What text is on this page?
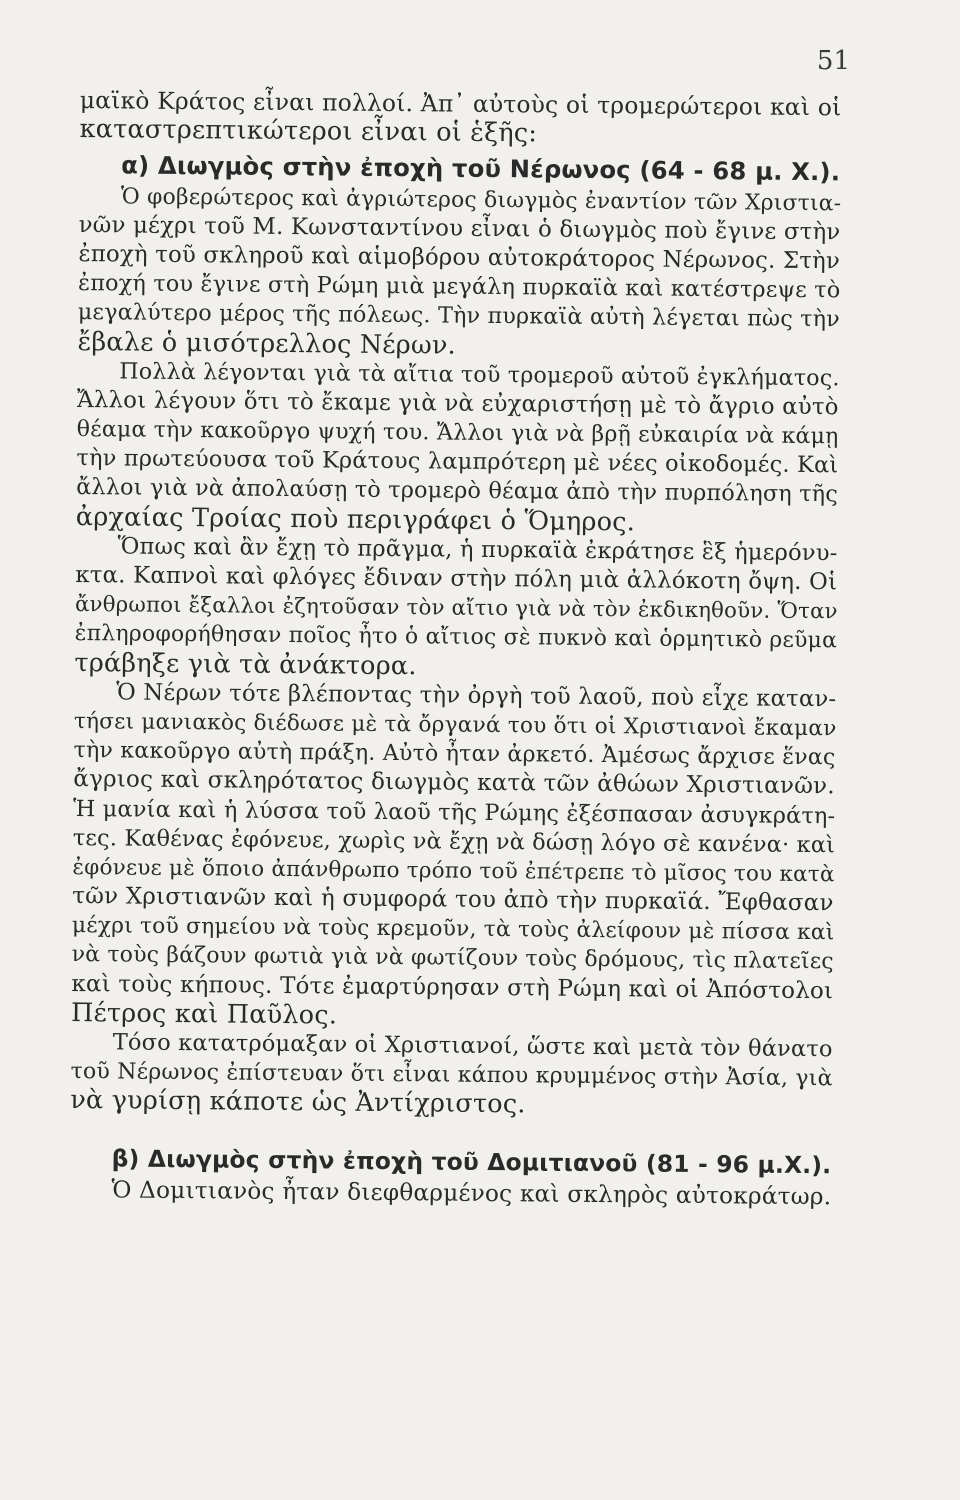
51
μαϊκὸ Κράτος εἶναι πολλοί. Ἀπ᾽ αὐτοὺς οἱ τρομερώτεροι καὶ οἱ
καταστρεπτικώτεροι εἶναι οἱ ἑξῆς:
α) Διωγμὸς στὴν ἐποχὴ τοῦ Νέρωνος (64 - 68 μ. Χ.).
Ὁ φοβερώτερος καὶ ἀγριώτερος διωγμὸς ἐναντίον τῶν Χριστια-
νῶν μέχρι τοῦ Μ. Κωνσταντίνου εἶναι ὁ διωγμὸς ποὺ ἔγινε στὴν
ἐποχὴ τοῦ σκληροῦ καὶ αἱμοβόρου αὐτοκράτορος Νέρωνος. Στὴν
ἐποχή του ἔγινε στὴ Ρώμη μιὰ μεγάλη πυρκαϊὰ καὶ κατέστρεψε τὸ
μεγαλύτερο μέρος τῆς πόλεως. Τὴν πυρκαϊὰ αὐτὴ λέγεται πὼς τὴν
ἔβαλε ὁ μισότρελλος Νέρων.
Πολλὰ λέγονται γιὰ τὰ αἴτια τοῦ τρομεροῦ αὐτοῦ ἐγκλήματος.
Ἄλλοι λέγουν ὅτι τὸ ἔκαμε γιὰ νὰ εὐχαριστήσῃ μὲ τὸ ἄγριο αὐτὸ
θέαμα τὴν κακοῦργο ψυχή του. Ἄλλοι γιὰ νὰ βρῇ εὐκαιρία νὰ κάμῃ
τὴν πρωτεύουσα τοῦ Κράτους λαμπρότερη μὲ νέες οἰκοδομές. Καὶ
ἄλλοι γιὰ νὰ ἀπολαύσῃ τὸ τρομερὸ θέαμα ἀπὸ τὴν πυρπόληση τῆς
ἀρχαίας Τροίας ποὺ περιγράφει ὁ Ὅμηρος.
Ὅπως καὶ ἂν ἔχῃ τὸ πρᾶγμα, ἡ πυρκαϊὰ ἐκράτησε ἓξ ἡμερόνυ-
κτα. Καπνοὶ καὶ φλόγες ἔδιναν στὴν πόλη μιὰ ἀλλόκοτη ὄψη. Οἱ
ἄνθρωποι ἔξαλλοι ἐζητοῦσαν τὸν αἴτιο γιὰ νὰ τὸν ἐκδικηθοῦν. Ὅταν
ἐπληροφορήθησαν ποῖος ἦτο ὁ αἴτιος σὲ πυκνὸ καὶ ὁρμητικὸ ρεῦμα
τράβηξε γιὰ τὰ ἀνάκτορα.
Ὁ Νέρων τότε βλέποντας τὴν ὀργὴ τοῦ λαοῦ, ποὺ εἶχε καταν-
τήσει μανιακὸς διέδωσε μὲ τὰ ὄργανά του ὅτι οἱ Χριστιανοὶ ἔκαμαν
τὴν κακοῦργο αὐτὴ πράξη. Αὐτὸ ἦταν ἀρκετό. Ἀμέσως ἄρχισε ἕνας
ἄγριος καὶ σκληρότατος διωγμὸς κατὰ τῶν ἀθώων Χριστιανῶν.
Ἡ μανία καὶ ἡ λύσσα τοῦ λαοῦ τῆς Ρώμης ἐξέσπασαν ἀσυγκράτη-
τες. Καθένας ἐφόνευε, χωρὶς νὰ ἔχῃ νὰ δώσῃ λόγο σὲ κανένα· καὶ
ἐφόνευε μὲ ὅποιο ἀπάνθρωπο τρόπο τοῦ ἐπέτρεπε τὸ μῖσος του κατὰ
τῶν Χριστιανῶν καὶ ἡ συμφορά του ἀπὸ τὴν πυρκαϊά. Ἔφθασαν
μέχρι τοῦ σημείου νὰ τοὺς κρεμοῦν, τὰ τοὺς ἀλείφουν μὲ πίσσα καὶ
νὰ τοὺς βάζουν φωτιὰ γιὰ νὰ φωτίζουν τοὺς δρόμους, τὶς πλατεῖες
καὶ τοὺς κήπους. Τότε ἐμαρτύρησαν στὴ Ρώμη καὶ οἱ Ἀπόστολοι
Πέτρος καὶ Παῦλος.
Τόσο κατατρόμαξαν οἱ Χριστιανοί, ὥστε καὶ μετὰ τὸν θάνατο
τοῦ Νέρωνος ἐπίστευαν ὅτι εἶναι κάπου κρυμμένος στὴν Ἀσία, γιὰ
νὰ γυρίσῃ κάποτε ὡς Ἀντίχριστος.
β) Διωγμὸς στὴν ἐποχὴ τοῦ Δομιτιανοῦ (81 - 96 μ.Χ.).
Ὁ Δομιτιανὸς ἦταν διεφθαρμένος καὶ σκληρὸς αὐτοκράτωρ.
